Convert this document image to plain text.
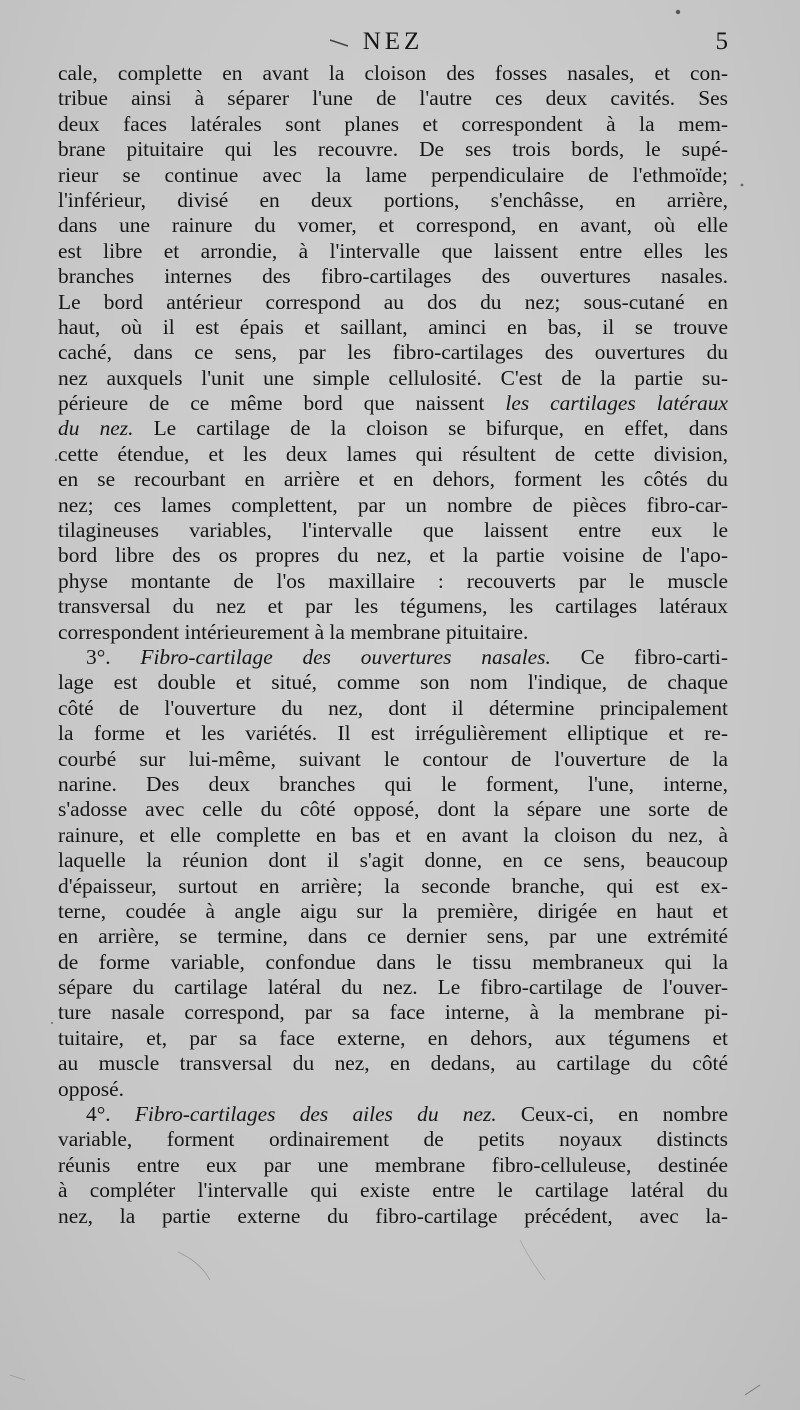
NEZ	5
cale, complette en avant la cloison des fosses nasales, et con-
tribue ainsi à séparer l'une de l'autre ces deux cavités. Ses
deux faces latérales sont planes et correspondent à la mem-
brane pituitaire qui les recouvre. De ses trois bords, le supé-
rieur se continue avec la lame perpendiculaire de l'ethmoïde;
l'inférieur, divisé en deux portions, s'enchâsse, en arrière,
dans une rainure du vomer, et correspond, en avant, où elle
est libre et arrondie, à l'intervalle que laissent entre elles les
branches internes des fibro-cartilages des ouvertures nasales.
Le bord antérieur correspond au dos du nez; sous-cutané en
haut, où il est épais et saillant, aminci en bas, il se trouve
caché, dans ce sens, par les fibro-cartilages des ouvertures du
nez auxquels l'unit une simple cellulosité. C'est de la partie su-
périeure de ce même bord que naissent les cartilages latéraux
du nez. Le cartilage de la cloison se bifurque, en effet, dans
cette étendue, et les deux lames qui résultent de cette division,
en se recourbant en arrière et en dehors, forment les côtés du
nez; ces lames complettent, par un nombre de pièces fibro-car-
tilagineuses variables, l'intervalle que laissent entre eux le
bord libre des os propres du nez, et la partie voisine de l'apo-
physe montante de l'os maxillaire : recouverts par le muscle
transversal du nez et par les tégumens, les cartilages latéraux
correspondent intérieurement à la membrane pituitaire.
3°. Fibro-cartilage des ouvertures nasales. Ce fibro-carti-
lage est double et situé, comme son nom l'indique, de chaque
côté de l'ouverture du nez, dont il détermine principalement
la forme et les variétés. Il est irrégulièrement elliptique et re-
courbé sur lui-même, suivant le contour de l'ouverture de la
narine. Des deux branches qui le forment, l'une, interne,
s'adosse avec celle du côté opposé, dont la sépare une sorte de
rainure, et elle complette en bas et en avant la cloison du nez, à
laquelle la réunion dont il s'agit donne, en ce sens, beaucoup
d'épaisseur, surtout en arrière; la seconde branche, qui est ex-
terne, coudée à angle aigu sur la première, dirigée en haut et
en arrière, se termine, dans ce dernier sens, par une extrémité
de forme variable, confondue dans le tissu membraneux qui la
sépare du cartilage latéral du nez. Le fibro-cartilage de l'ouver-
ture nasale correspond, par sa face interne, à la membrane pi-
tuitaire, et, par sa face externe, en dehors, aux tégumens et
au muscle transversal du nez, en dedans, au cartilage du côté
opposé.
4°. Fibro-cartilages des ailes du nez. Ceux-ci, en nombre
variable, forment ordinairement de petits noyaux distincts
réunis entre eux par une membrane fibro-celluleuse, destinée
à compléter l'intervalle qui existe entre le cartilage latéral du
nez, la partie externe du fibro-cartilage précédent, avec la-
